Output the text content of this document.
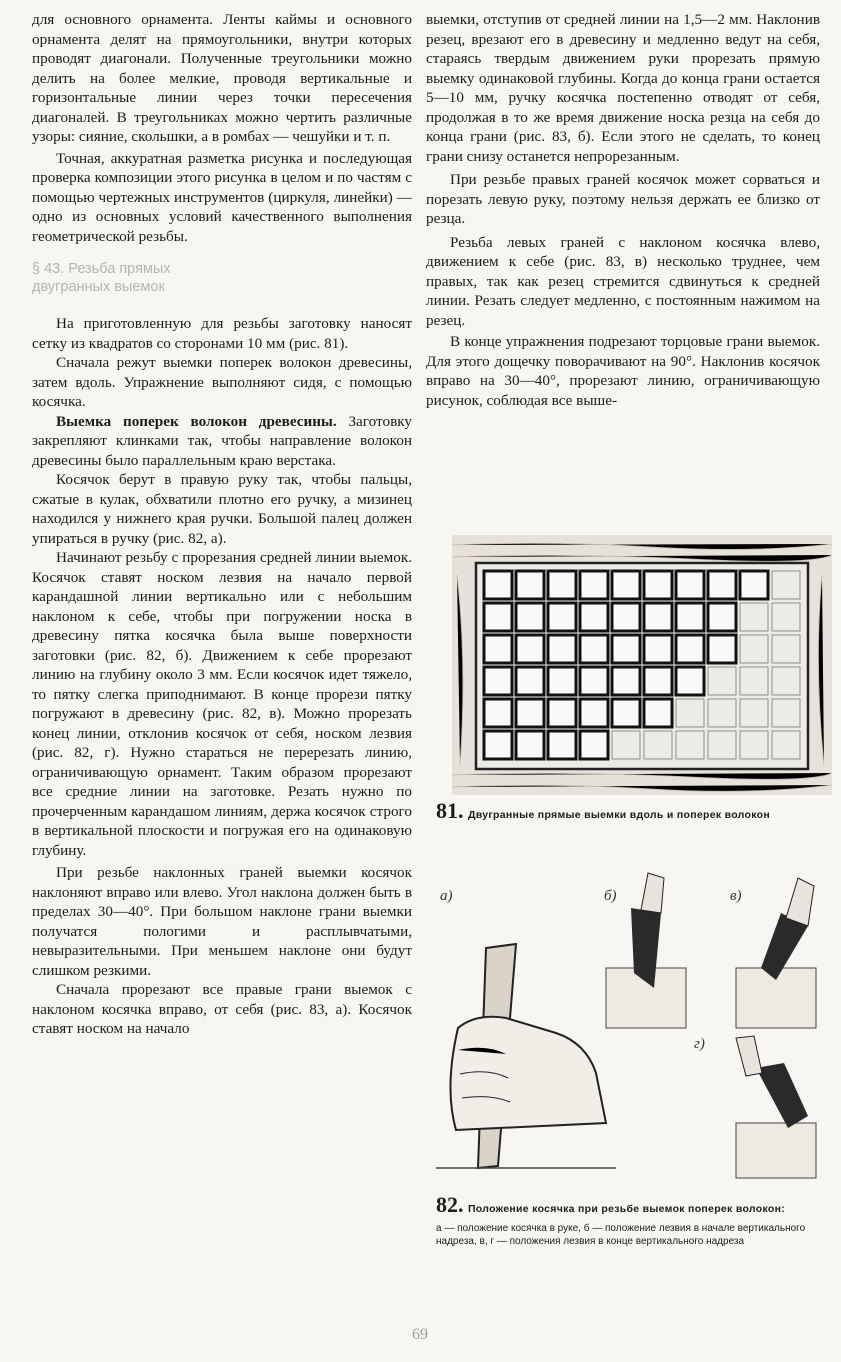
для основного орнамента. Ленты каймы и основного орнамента делят на прямоугольники, внутри которых проводят диагонали. Полученные треугольники можно делить на более мелкие, проводя вертикальные и горизонтальные линии через точки пересечения диагоналей. В треугольниках можно чертить различные узоры: сияние, скольшки, а в ромбах — чешуйки и т. п.

Точная, аккуратная разметка рисунка и последующая проверка композиции этого рисунка в целом и по частям с помощью чертежных инструментов (циркуля, линейки) — одно из основных условий качественного выполнения геометрической резьбы.

§ 43. Резьба прямых
двугранных выемок

На приготовленную для резьбы заготовку наносят сетку из квадратов со сторонами 10 мм (рис. 81).

Сначала режут выемки поперек волокон древесины, затем вдоль. Упражнение выполняют сидя, с помощью косячка.

Выемка поперек волокон древесины. Заготовку закрепляют клинками так, чтобы направление волокон древесины было параллельным краю верстака.

Косячок берут в правую руку так, чтобы пальцы, сжатые в кулак, обхватили плотно его ручку, а мизинец находился у нижнего края ручки. Большой палец должен упираться в ручку (рис. 82, а).

Начинают резьбу с прорезания средней линии выемок. Косячок ставят носком лезвия на начало первой карандашной линии вертикально или с небольшим наклоном к себе, чтобы при погружении носка в древесину пятка косячка была выше поверхности заготовки (рис. 82, б). Движением к себе прорезают линию на глубину около 3 мм. Если косячок идет тяжело, то пятку слегка приподнимают. В конце прорези пятку погружают в древесину (рис. 82, в). Можно прорезать конец линии, отклонив косячок от себя, носком лезвия (рис. 82, г). Нужно стараться не перерезать линию, ограничивающую орнамент. Таким образом прорезают все средние линии на заготовке. Резать нужно по прочерченным карандашом линиям, держа косячок строго в вертикальной плоскости и погружая его на одинаковую глубину.

При резьбе наклонных граней выемки косячок наклоняют вправо или влево. Угол наклона должен быть в пределах 30—40°. При большом наклоне грани выемки получатся пологими и расплывчатыми, невыразительными. При меньшем наклоне они будут слишком резкими.

Сначала прорезают все правые грани выемок с наклоном косячка вправо, от себя (рис. 83, а). Косячок ставят носком на начало

выемки, отступив от средней линии на 1,5—2 мм. Наклонив резец, врезают его в древесину и медленно ведут на себя, стараясь твердым движением руки прорезать прямую выемку одинаковой глубины. Когда до конца грани остается 5—10 мм, ручку косячка постепенно отводят от себя, продолжая в то же время движение носка резца на себя до конца грани (рис. 83, б). Если этого не сделать, то конец грани снизу останется непрорезанным.

При резьбе правых граней косячок может сорваться и порезать левую руку, поэтому нельзя держать ее близко от резца.

Резьба левых граней с наклоном косячка влево, движением к себе (рис. 83, в) несколько труднее, чем правых, так как резец стремится сдвинуться к средней линии. Резать следует медленно, с постоянным нажимом на резец.

В конце упражнения подрезают торцовые грани выемок. Для этого дощечку поворачивают на 90°. Наклонив косячок вправо на 30—40°, прорезают линию, ограничивающую рисунок, соблюдая все выше-

81. Двугранные прямые выемки вдоль и поперек волокон
а)	б)	в)
г)
82. Положение косячка при резьбе выемок поперек волокон:
а — положение косячка в руке, б — положение лезвия в начале вертикального надреза, в, г — положения лезвия в конце вертикального надреза
69
